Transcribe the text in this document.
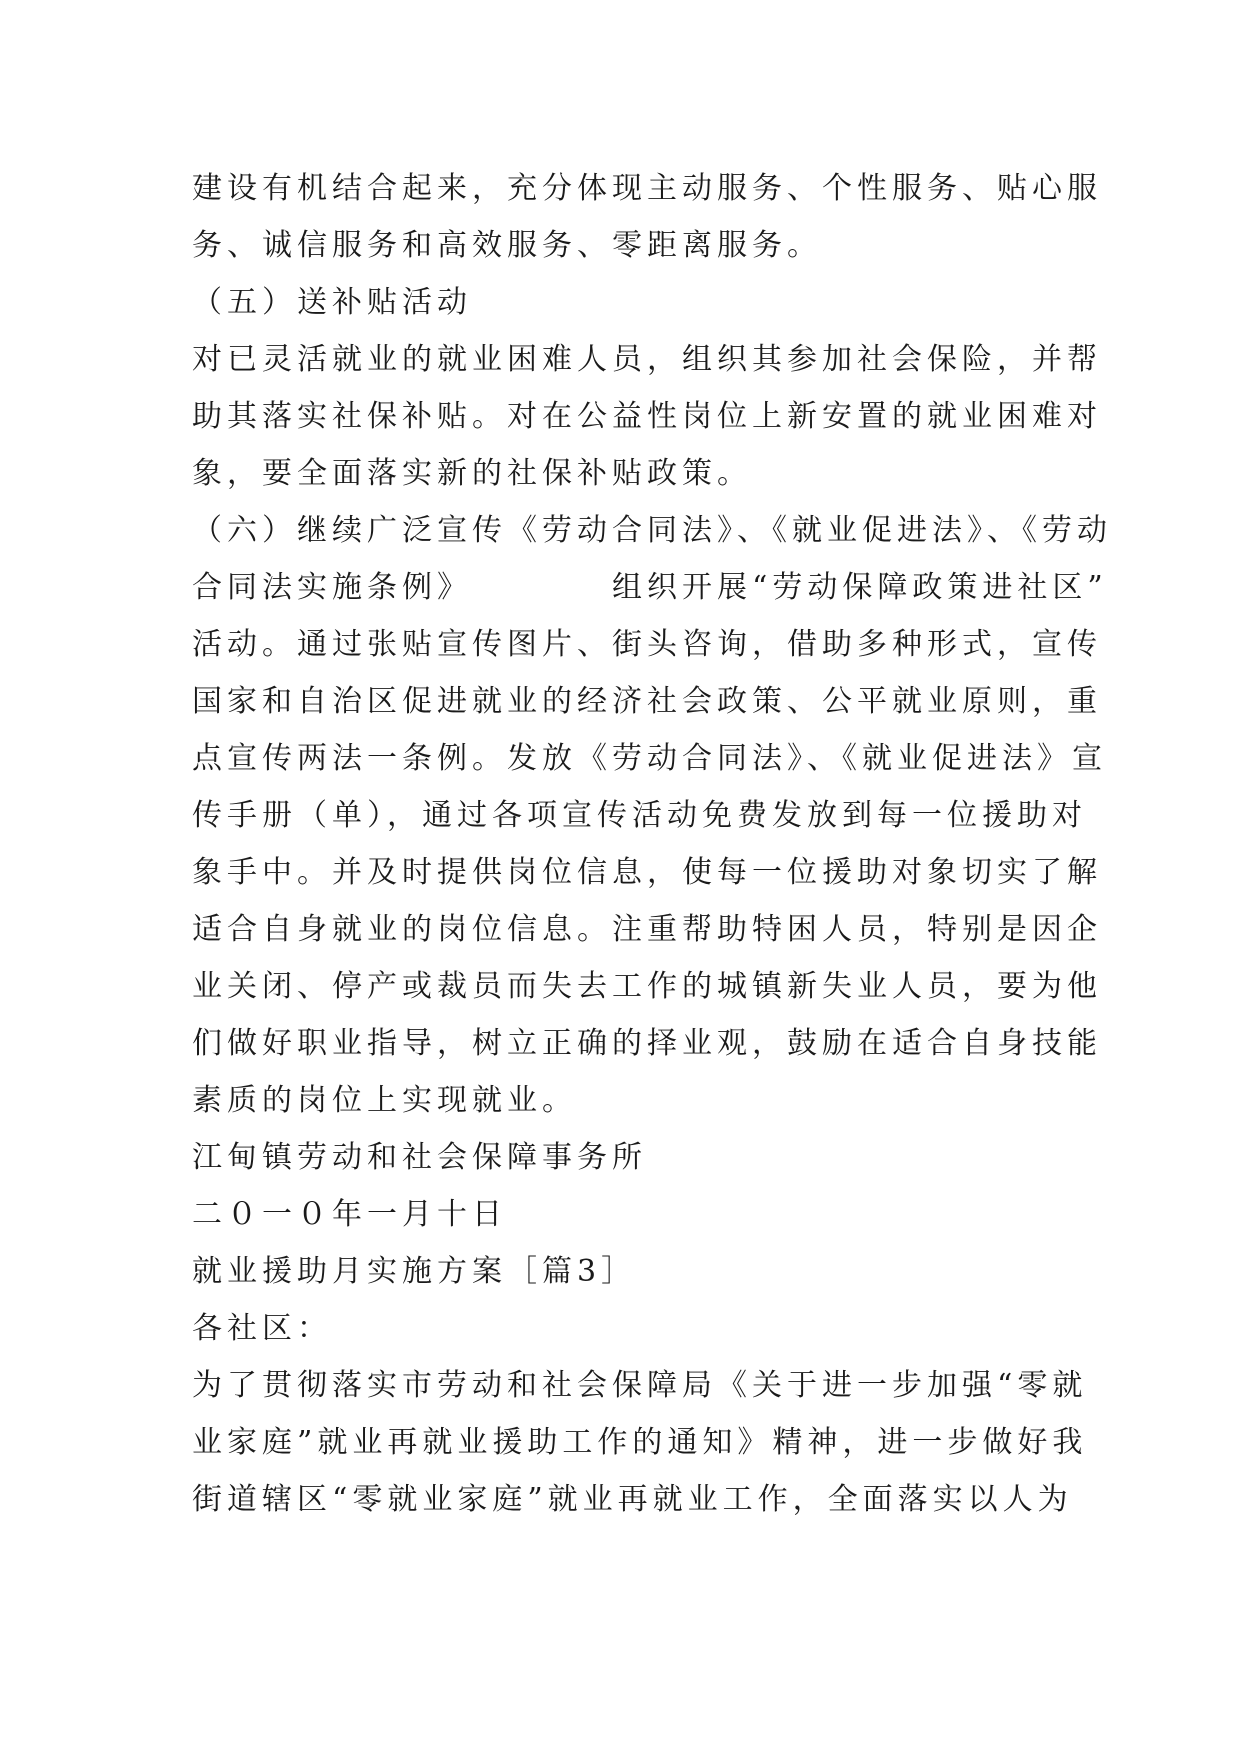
建设有机结合起来，充分体现主动服务、个性服务、贴心服
务、诚信服务和高效服务、零距离服务。
（五）送补贴活动
对已灵活就业的就业困难人员，组织其参加社会保险，并帮
助其落实社保补贴。对在公益性岗位上新安置的就业困难对
象，要全面落实新的社保补贴政策。
（六）继续广泛宣传《劳动合同法》、《就业促进法》、《劳动
合同法实施条例》	组织开展“劳动保障政策进社区”
活动。通过张贴宣传图片、街头咨询，借助多种形式，宣传
国家和自治区促进就业的经济社会政策、公平就业原则，重
点宣传两法一条例。发放《劳动合同法》、《就业促进法》宣
传手册（单），通过各项宣传活动免费发放到每一位援助对
象手中。并及时提供岗位信息，使每一位援助对象切实了解
适合自身就业的岗位信息。注重帮助特困人员，特别是因企
业关闭、停产或裁员而失去工作的城镇新失业人员，要为他
们做好职业指导，树立正确的择业观，鼓励在适合自身技能
素质的岗位上实现就业。
江甸镇劳动和社会保障事务所
二０一０年一月十日
就业援助月实施方案［篇3］
各社区：
为了贯彻落实市劳动和社会保障局《关于进一步加强“零就
业家庭”就业再就业援助工作的通知》精神，进一步做好我
街道辖区“零就业家庭”就业再就业工作，全面落实以人为
